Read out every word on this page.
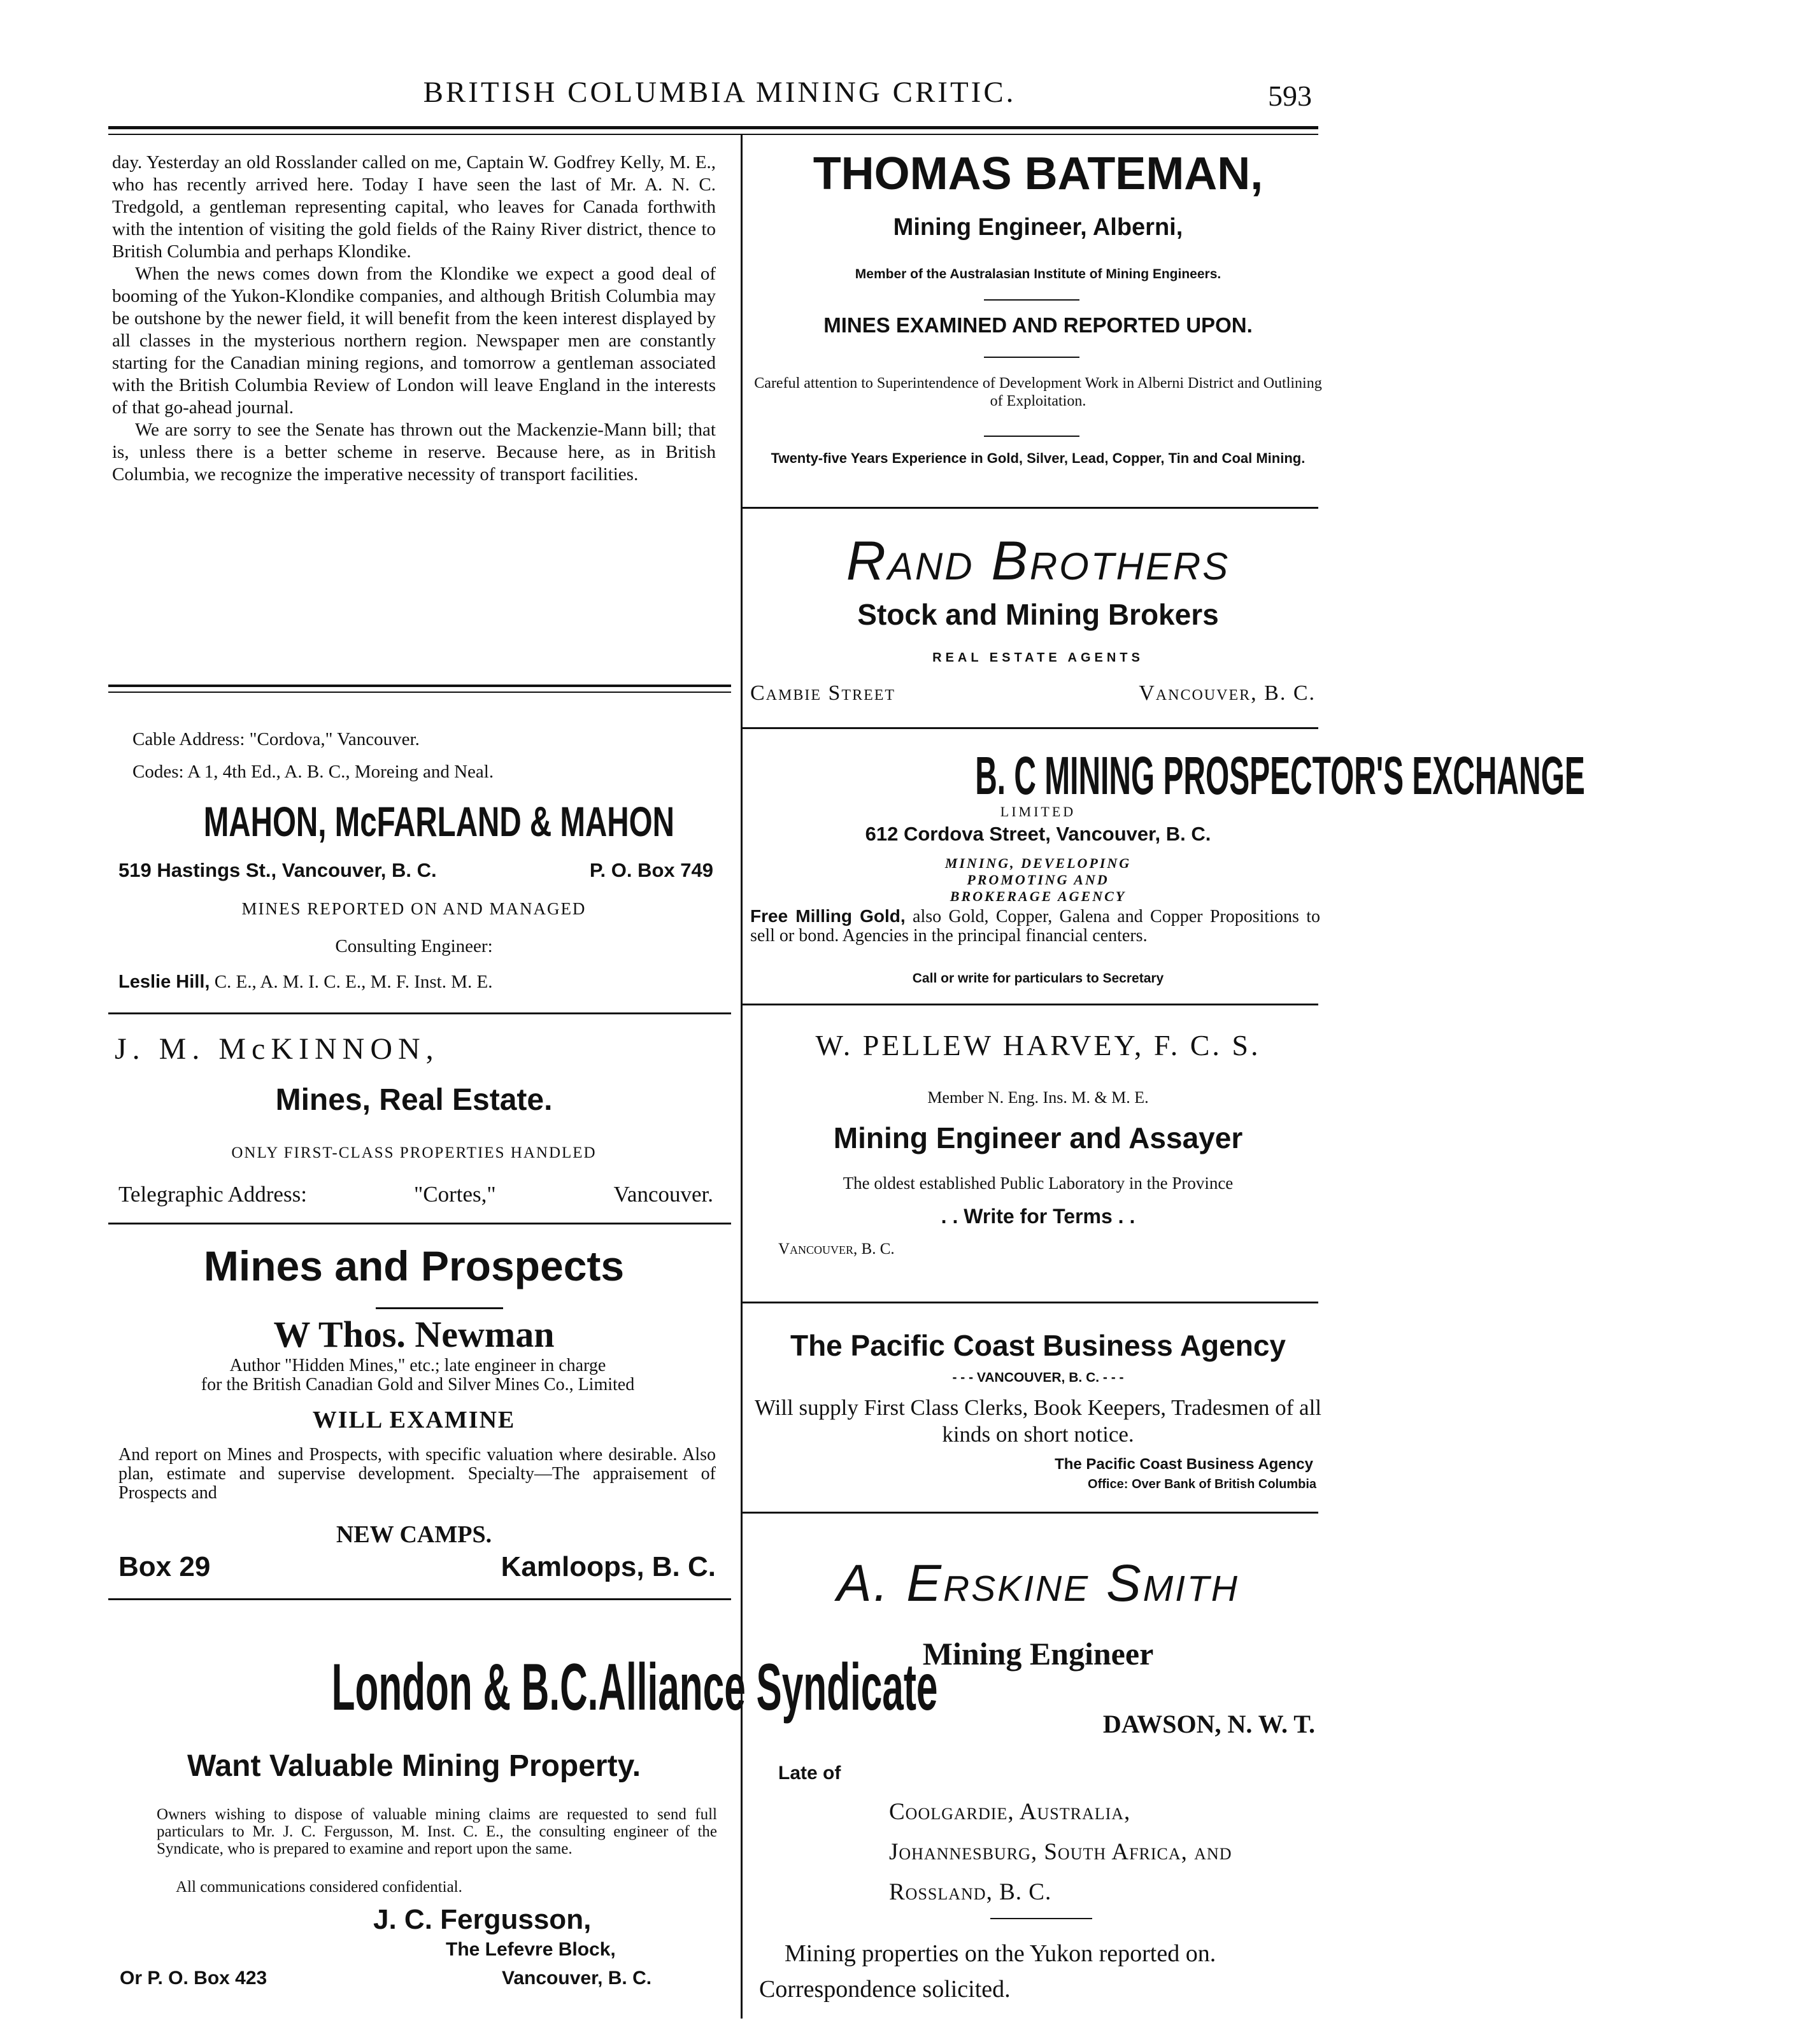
BRITISH COLUMBIA MINING CRITIC.	593

day. Yesterday an old Rosslander called on me, Captain W. Godfrey Kelly, M. E., who has recently arrived here. Today I have seen the last of Mr. A. N. C. Tredgold, a gentleman representing capital, who leaves for Canada forthwith with the intention of visiting the gold fields of the Rainy River district, thence to British Columbia and perhaps Klondike.

When the news comes down from the Klondike we expect a good deal of booming of the Yukon-Klondike companies, and although British Columbia may be outshone by the newer field, it will benefit from the keen interest displayed by all classes in the mysterious northern region. Newspaper men are constantly starting for the Canadian mining regions, and tomorrow a gentleman associated with the British Columbia Review of London will leave England in the interests of that go-ahead journal.

We are sorry to see the Senate has thrown out the Mackenzie-Mann bill; that is, unless there is a better scheme in reserve. Because here, as in British Columbia, we recognize the imperative necessity of transport facilities.

Cable Address: "Cordova," Vancouver.
Codes: A 1, 4th Ed., A. B. C., Moreing and Neal.
MAHON, McFARLAND & MAHON
519 Hastings St., Vancouver, B. C.	P. O. Box 749
MINES REPORTED ON AND MANAGED
Consulting Engineer:
Leslie Hill, C. E., A. M. I. C. E., M. F. Inst. M. E.
J. M. McKINNON,
Mines, Real Estate.
ONLY FIRST-CLASS PROPERTIES HANDLED
Telegraphic Address:	"Cortes,"	Vancouver.
Mines and Prospects
W Thos. Newman

Author "Hidden Mines," etc.; late engineer in charge

for the British Canadian Gold and Silver Mines Co., Limited

WILL EXAMINE
And report on Mines and Prospects, with specific valuation where desirable. Also plan, estimate and supervise development. Specialty—The appraisement of Prospects and
NEW CAMPS.
Box 29	Kamloops, B. C.
London & B.C.Alliance Syndicate
Want Valuable Mining Property.
Owners wishing to dispose of valuable mining claims are requested to send full particulars to Mr. J. C. Fergusson, M. Inst. C. E., the consulting engineer of the Syndicate, who is prepared to examine and report upon the same.
All communications considered confidential.
J. C. Fergusson,
The Lefevre Block,
Or P. O. Box 423	Vancouver, B. C.
THOMAS BATEMAN,
Mining Engineer, Alberni,
Member of the Australasian Institute of Mining Engineers.
MINES EXAMINED AND REPORTED UPON.
Careful attention to Superintendence of Development Work in Alberni District and Outlining of Exploitation.
Twenty-five Years Experience in Gold, Silver, Lead, Copper, Tin and Coal Mining.
Rand Brothers
Stock and Mining Brokers
REAL ESTATE AGENTS
Cambie Street	Vancouver, B. C.
B. C MINING PROSPECTOR'S EXCHANGE
LIMITED
612 Cordova Street, Vancouver, B. C.

MINING, DEVELOPING

PROMOTING AND

BROKERAGE AGENCY

Free Milling Gold, also Gold, Copper, Galena and Copper Propositions to sell or bond. Agencies in the principal financial centers.
Call or write for particulars to Secretary
W. PELLEW HARVEY, F. C. S.
Member N. Eng. Ins. M. & M. E.
Mining Engineer and Assayer
The oldest established Public Laboratory in the Province
. . Write for Terms . .
Vancouver, B. C.
The Pacific Coast Business Agency
- - - VANCOUVER, B. C. - - -
Will supply First Class Clerks, Book Keepers, Tradesmen of all kinds on short notice.
The Pacific Coast Business Agency
Office: Over Bank of British Columbia
A. Erskine Smith
Mining Engineer
DAWSON, N. W. T.
Late of

Coolgardie, Australia,

Johannesburg, South Africa, and

Rossland, B. C.

Mining properties on the Yukon reported on.
Correspondence solicited.
